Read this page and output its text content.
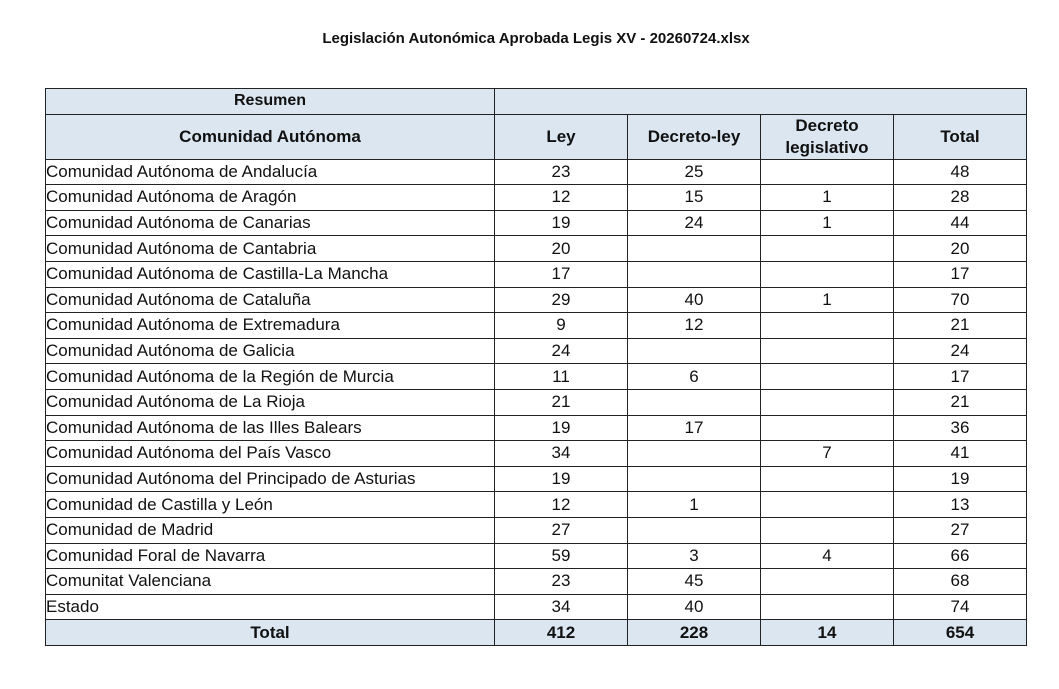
Legislación Autonómica Aprobada Legis XV - 20260724.xlsx
Resumen				
Comunidad Autónoma	Ley	Decreto-ley	Decreto legislativo	Total
Comunidad Autónoma de Andalucía	23	25		48
Comunidad Autónoma de Aragón	12	15	1	28
Comunidad Autónoma de Canarias	19	24	1	44
Comunidad Autónoma de Cantabria	20			20
Comunidad Autónoma de Castilla-La Mancha	17			17
Comunidad Autónoma de Cataluña	29	40	1	70
Comunidad Autónoma de Extremadura	9	12		21
Comunidad Autónoma de Galicia	24			24
Comunidad Autónoma de la Región de Murcia	11	6		17
Comunidad Autónoma de La Rioja	21			21
Comunidad Autónoma de las Illes Balears	19	17		36
Comunidad Autónoma del País Vasco	34		7	41
Comunidad Autónoma del Principado de Asturias	19			19
Comunidad de Castilla y León	12	1		13
Comunidad de Madrid	27			27
Comunidad Foral de Navarra	59	3	4	66
Comunitat Valenciana	23	45		68
Estado	34	40		74
Total	412	228	14	654
